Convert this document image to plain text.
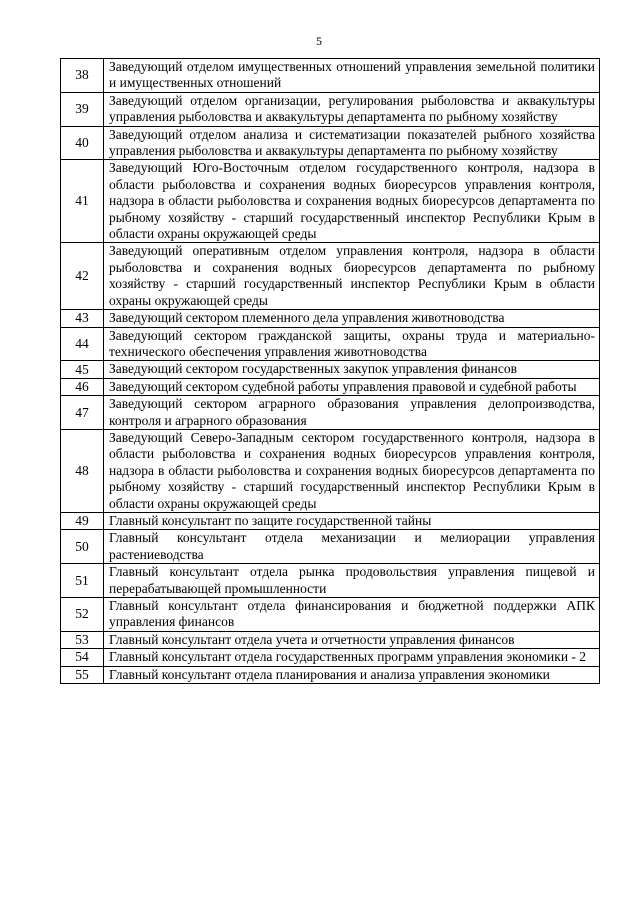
5
38	Заведующий отделом имущественных отношений управления земельной политики и имущественных отношений
39	Заведующий отделом организации, регулирования рыболовства и аквакультуры управления рыболовства и аквакультуры департамента по рыбному хозяйству
40	Заведующий отделом анализа и систематизации показателей рыбного хозяйства управления рыболовства и аквакультуры департамента по рыбному хозяйству
41	Заведующий Юго-Восточным отделом государственного контроля, надзора в области рыболовства и сохранения водных биоресурсов управления контроля, надзора в области рыболовства и сохранения водных биоресурсов департамента по рыбному хозяйству - старший государственный инспектор Республики Крым в области охраны окружающей среды
42	Заведующий оперативным отделом управления контроля, надзора в области рыболовства и сохранения водных биоресурсов департамента по рыбному хозяйству - старший государственный инспектор Республики Крым в области охраны окружающей среды
43	Заведующий сектором племенного дела управления животноводства
44	Заведующий сектором гражданской защиты, охраны труда и материально-технического обеспечения управления животноводства
45	Заведующий сектором государственных закупок управления финансов
46	Заведующий сектором судебной работы управления правовой и судебной работы
47	Заведующий сектором аграрного образования управления делопроизводства, контроля и аграрного образования
48	Заведующий Северо-Западным сектором государственного контроля, надзора в области рыболовства и сохранения водных биоресурсов управления контроля, надзора в области рыболовства и сохранения водных биоресурсов департамента по рыбному хозяйству - старший государственный инспектор Республики Крым в области охраны окружающей среды
49	Главный консультант по защите государственной тайны
50	Главный консультант отдела механизации и мелиорации управления растениеводства
51	Главный консультант отдела рынка продовольствия управления пищевой и перерабатывающей промышленности
52	Главный консультант отдела финансирования и бюджетной поддержки АПК управления финансов
53	Главный консультант отдела учета и отчетности управления финансов
54	Главный консультант отдела государственных программ управления экономики - 2
55	Главный консультант отдела планирования и анализа управления экономики
